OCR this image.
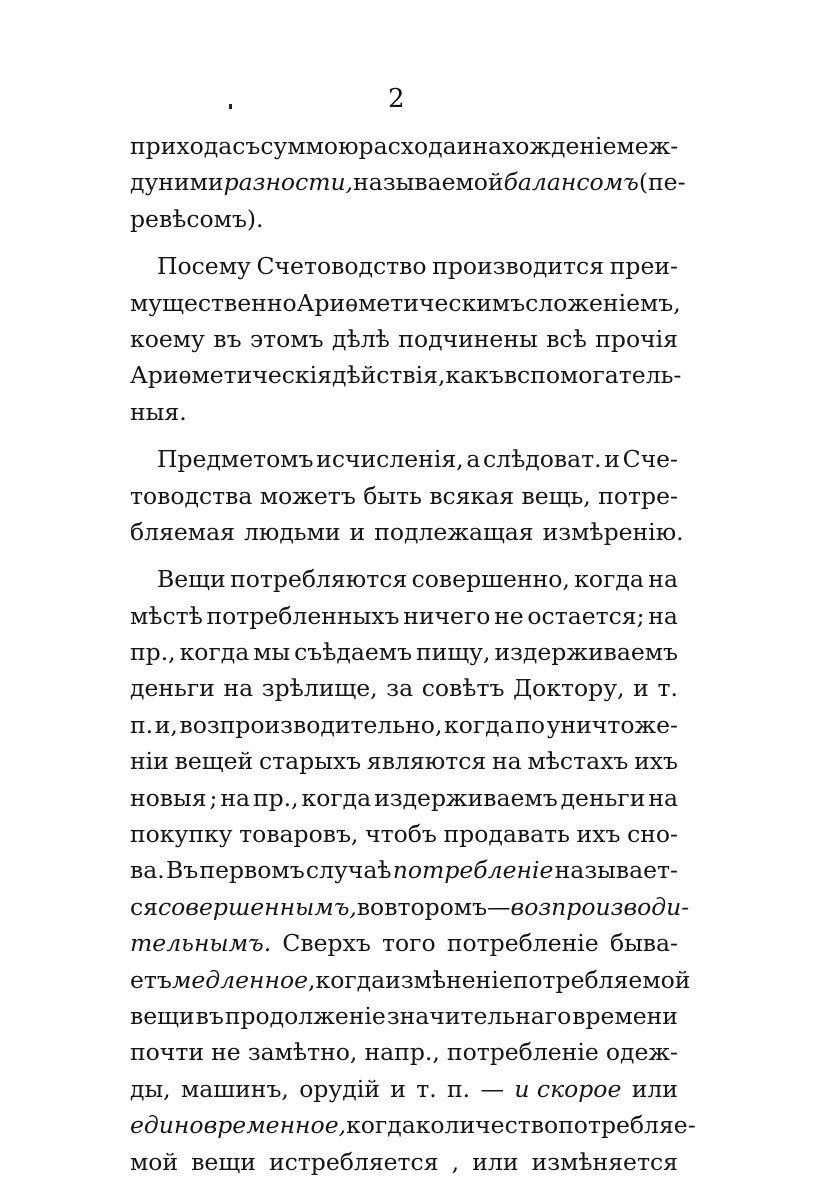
2
прихода съ суммою расхода и нахожденіе меж-
ду ними разности, называемой балансомъ (пе-
ревѣсомъ).
Посему Счетоводство производится преи-
мущественно Ариѳметическимъ сложеніемъ ,
коему въ этомъ дѣлѣ подчинены всѣ прочія
Ариѳметическія дѣйствія, какъ вспомогатель-
ныя.
Предметомъ исчисленія, а слѣдоват. и Сче-
товодства можетъ быть всякая вещь, потре-
бляемая людьми и подлежащая измѣренію.
Вещи потребляются совершенно, когда на
мѣстѣ потребленныхъ ничего не остается; на
пр., когда мы съѣдаемъ пищу, издерживаемъ
деньги на зрѣлище, за совѣтъ Доктору, и т.
п. и, возпроизводительно, когда по уничтоже-
ніи вещей старыхъ являются на мѣстахъ ихъ
новыя ; на пр., когда издерживаемъ деньги на
покупку товаровъ, чтобъ продавать ихъ сно-
ва. Въ первомъ случаѣ потребленіе называет-
ся совершеннымъ, во второмъ — возпроизводи-
тельнымъ. Сверхъ того потребленіе быва-
етъ медленное , когда измѣненіе потребляемой
вещи въ продолженіе значительнаго времени
почти не замѣтно, напр., потребленіе одеж-
ды, машинъ, орудій и т. п. — и скорое или
единовременное, когда количество потребляе-
мой вещи истребляется , или измѣняется
